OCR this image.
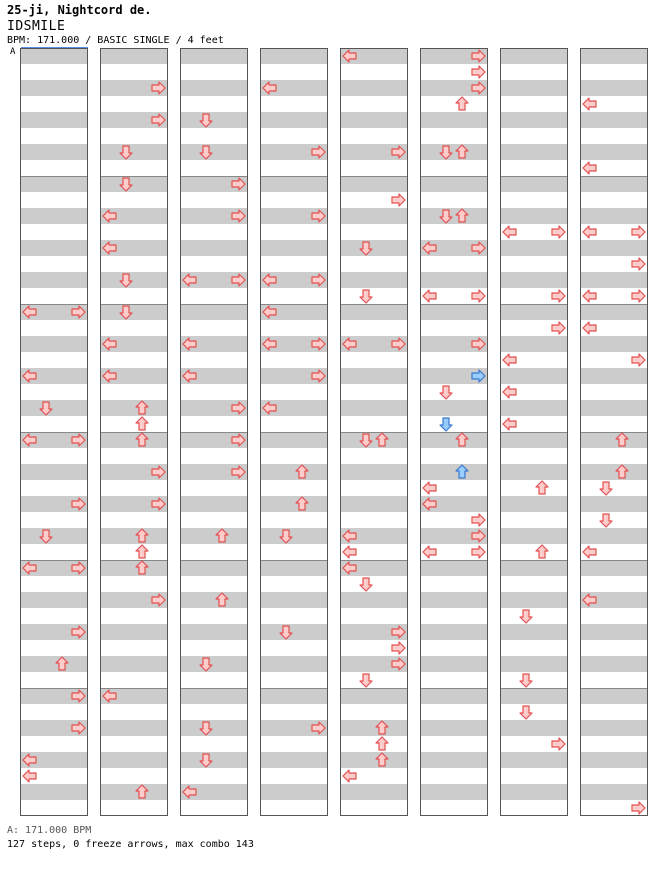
25-ji, Nightcord de.
IDSMILE
BPM: 171.000 / BASIC SINGLE / 4 feet
A
A: 171.000 BPM
127 steps, 0 freeze arrows, max combo 143
